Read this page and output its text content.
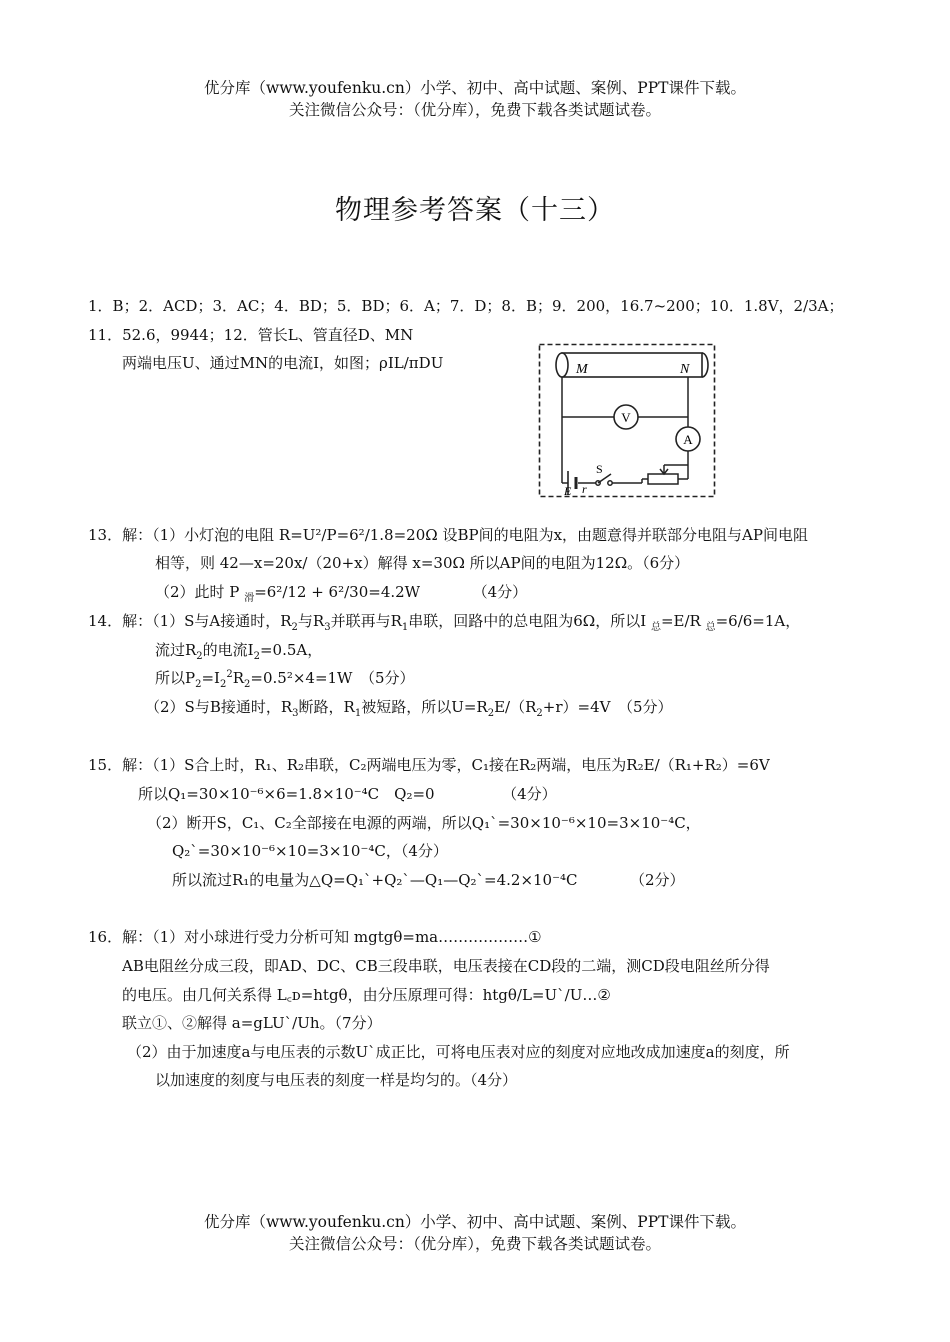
优分库（www.youfenku.cn）小学、初中、高中试题、案例、PPT课件下载。
关注微信公众号：（优分库），免费下载各类试题试卷。
物理参考答案（十三）
1．B；2．ACD；3．AC；4．BD；5．BD；6．A；7．D；8．B；9．200，16.7~200；10．1.8V，2/3A；
11．52.6，9944；12．管长L、管直径D、MN
两端电压U、通过MN的电流I，如图；ρIL/πDU	M	N
E r
S
V
A
13．解：（1）小灯泡的电阻 R=U²/P=6²/1.8=20Ω 设BP间的电阻为x，由题意得并联部分电阻与AP间电阻
相等，则 42—x=20x/（20+x）解得 x=30Ω 所以AP间的电阻为12Ω。（6分）
（2）此时 P $_滑$=6²/12 + 6²/30=4.2W　　　　（4分）
14．解：（1）S与A接通时，$R_2$与$R_3$并联再与$R_1$串联，回路中的总电阻为6Ω，所以I $_总$=E/R $_总$=6/6=1A，
流过$R_2$的电流$I_2=0.5A$，
所以$P_2=I_2^2R_2=0.5^2\times 4=1W$　（5分）
（2）S与B接通时，$R_3$断路，$R_1$被短路，所以$U=R_2E/(R_2+r)=4V$　（5分）
15．解：（1）S合上时，R₁、R₂串联，C₂两端电压为零，C₁接在R₂两端，电压为R₂E/（R₁+R₂）=6V
所以Q₁=30×10⁻⁶×6=1.8×10⁻⁴C　Q₂=0　　　　　（4分）
（2）断开S，C₁、C₂全部接在电源的两端，所以Q₁`=30×10⁻⁶×10=3×10⁻⁴C，
Q₂`=30×10⁻⁶×10=3×10⁻⁴C，（4分）
所以流过R₁的电量为△Q=Q₁`+Q₂`—Q₁—Q₂`=4.2×10⁻⁴C　　　　（2分）
16．解：（1）对小球进行受力分析可知 mgtgθ=ma………………①
AB电阻丝分成三段，即AD、DC、CB三段串联，电压表接在CD段的二端，测CD段电阻丝所分得
的电压。由几何关系得 L꜀ᴅ=htgθ，由分压原理可得：htgθ/L=U`/U…②
联立①、②解得 a=gLU`/Uh。（7分）
（2）由于加速度a与电压表的示数U`成正比，可将电压表对应的刻度对应地改成加速度a的刻度，所
以加速度的刻度与电压表的刻度一样是均匀的。（4分）
优分库（www.youfenku.cn）小学、初中、高中试题、案例、PPT课件下载。
关注微信公众号：（优分库），免费下载各类试题试卷。
